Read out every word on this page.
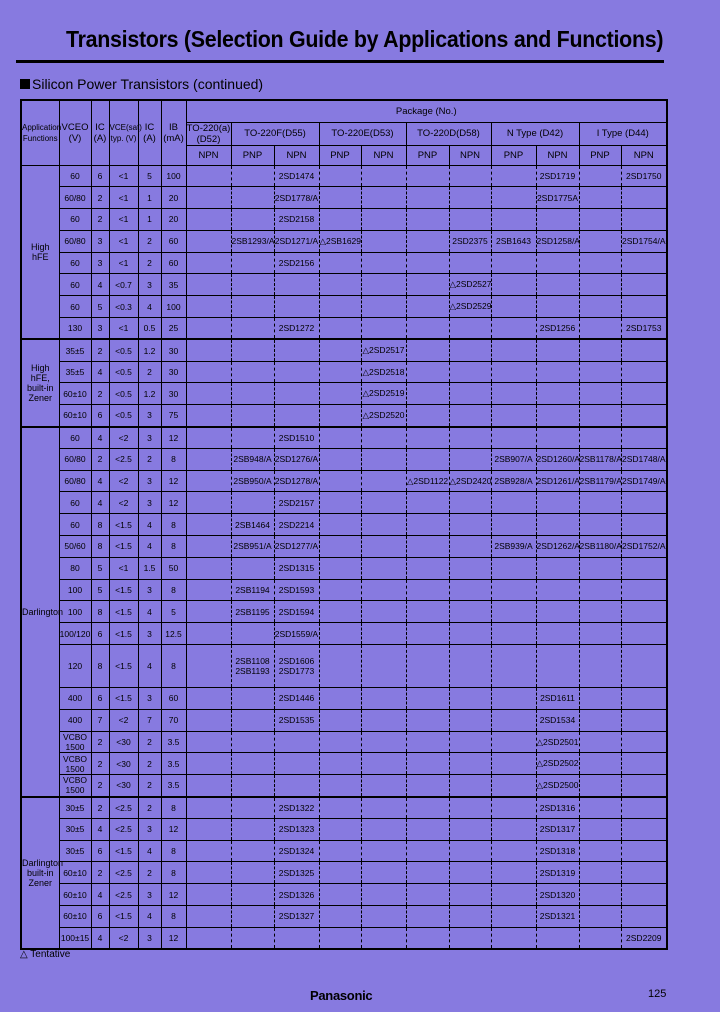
Transistors (Selection Guide by Applications and Functions)
Silicon Power Transistors (continued)
Application Functions	VCEO (V)	IC (A)	VCE(sat) typ. (V)	IC (A)	IB (mA)	Package (No.)										
						TO-220(a) (D52)	TO-220F(D55)		TO-220E(D53)		TO-220D(D58)		N Type (D42)		I Type (D44)	
						NPN	PNP	NPN	PNP	NPN	PNP	NPN	PNP	NPN	PNP	NPN
High hFE	60	6	<1	5	100			2SD1474						2SD1719		2SD1750
	60/80	2	<1	1	20			2SD1778/A						2SD1775A		
	60	2	<1	1	20			2SD2158								
	60/80	3	<1	2	60		2SB1293/A	2SD1271/A	△2SB1629			2SD2375	2SB1643	2SD1258/A		2SD1754/A
	60	3	<1	2	60			2SD2156								
	60	4	<0.7	3	35							△2SD2527				
	60	5	<0.3	4	100							△2SD2529				
	130	3	<1	0.5	25			2SD1272						2SD1256		2SD1753
High hFE, built-in Zener	35±5	2	<0.5	1.2	30					△2SD2517						
	35±5	4	<0.5	2	30					△2SD2518						
	60±10	2	<0.5	1.2	30					△2SD2519						
	60±10	6	<0.5	3	75					△2SD2520						
Darlington	60	4	<2	3	12			2SD1510								
	60/80	2	<2.5	2	8		2SB948/A	2SD1276/A					2SB907/A	2SD1260/A	2SB1178/A	2SD1748/A
	60/80	4	<2	3	12		2SB950/A	2SD1278/A			△2SD1122	△2SD2420	2SB928/A	2SD1261/A	2SB1179/A	2SD1749/A
	60	4	<2	3	12			2SD2157								
	60	8	<1.5	4	8		2SB1464	2SD2214								
	50/60	8	<1.5	4	8		2SB951/A	2SD1277/A					2SB939/A	2SD1262/A	2SB1180/A	2SD1752/A
	80	5	<1	1.5	50			2SD1315								
	100	5	<1.5	3	8		2SB1194	2SD1593								
	100	8	<1.5	4	5		2SB1195	2SD1594								
	100/120	6	<1.5	3	12.5			2SD1559/A								
	120	8	<1.5	4	8		2SB1108 2SB1193	2SD1606 2SD1773								
	400	6	<1.5	3	60			2SD1446						2SD1611		
	400	7	<2	7	70			2SD1535						2SD1534		
	VCBO 1500	2	<30	2	3.5									△2SD2501		
	VCBO 1500	2	<30	2	3.5									△2SD2502		
	VCBO 1500	2	<30	2	3.5									△2SD2500		
Darlington built-in Zener	30±5	2	<2.5	2	8			2SD1322						2SD1316		
	30±5	4	<2.5	3	12			2SD1323						2SD1317		
	30±5	6	<1.5	4	8			2SD1324						2SD1318		
	60±10	2	<2.5	2	8			2SD1325						2SD1319		
	60±10	4	<2.5	3	12			2SD1326						2SD1320		
	60±10	6	<1.5	4	8			2SD1327						2SD1321		
	100±15	4	<2	3	12											2SD2209
△ Tentative
Panasonic	125
